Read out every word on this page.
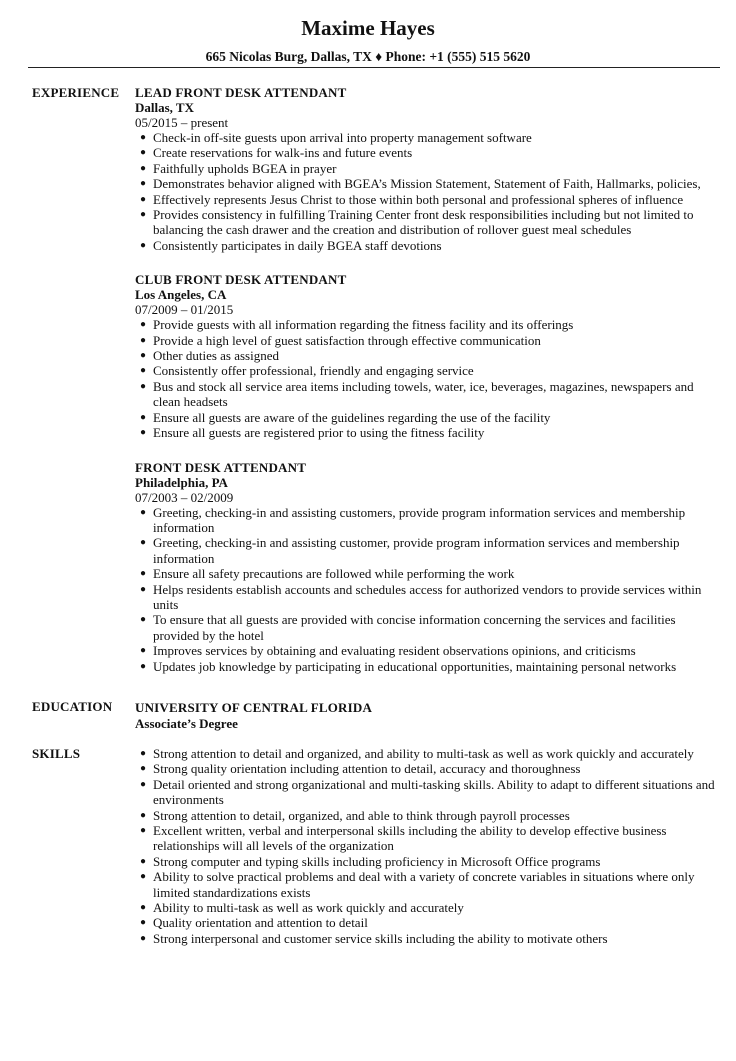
Maxime Hayes
665 Nicolas Burg, Dallas, TX ♦ Phone: +1 (555) 515 5620
EXPERIENCE	LEAD FRONT DESK ATTENDANT
Dallas, TX
05/2015 – present
● Check-in off-site guests upon arrival into property management software
● Create reservations for walk-ins and future events
● Faithfully upholds BGEA in prayer
● Demonstrates behavior aligned with BGEA’s Mission Statement, Statement of Faith, Hallmarks, policies,
● Effectively represents Jesus Christ to those within both personal and professional spheres of influence
● Provides consistency in fulfilling Training Center front desk responsibilities including but not limited to balancing the cash drawer and the creation and distribution of rollover guest meal schedules
● Consistently participates in daily BGEA staff devotions
CLUB FRONT DESK ATTENDANT
Los Angeles, CA
07/2009 – 01/2015
● Provide guests with all information regarding the fitness facility and its offerings
● Provide a high level of guest satisfaction through effective communication
● Other duties as assigned
● Consistently offer professional, friendly and engaging service
● Bus and stock all service area items including towels, water, ice, beverages, magazines, newspapers and clean headsets
● Ensure all guests are aware of the guidelines regarding the use of the facility
● Ensure all guests are registered prior to using the fitness facility
FRONT DESK ATTENDANT
Philadelphia, PA
07/2003 – 02/2009
● Greeting, checking-in and assisting customers, provide program information services and membership information
● Greeting, checking-in and assisting customer, provide program information services and membership information
● Ensure all safety precautions are followed while performing the work
● Helps residents establish accounts and schedules access for authorized vendors to provide services within units
● To ensure that all guests are provided with concise information concerning the services and facilities provided by the hotel
● Improves services by obtaining and evaluating resident observations opinions, and criticisms
● Updates job knowledge by participating in educational opportunities, maintaining personal networks
EDUCATION	UNIVERSITY OF CENTRAL FLORIDA
Associate’s Degree
SKILLS	● Strong attention to detail and organized, and ability to multi-task as well as work quickly and accurately
● Strong quality orientation including attention to detail, accuracy and thoroughness
● Detail oriented and strong organizational and multi-tasking skills. Ability to adapt to different situations and environments
● Strong attention to detail, organized, and able to think through payroll processes
● Excellent written, verbal and interpersonal skills including the ability to develop effective business relationships will all levels of the organization
● Strong computer and typing skills including proficiency in Microsoft Office programs
● Ability to solve practical problems and deal with a variety of concrete variables in situations where only limited standardizations exists
● Ability to multi-task as well as work quickly and accurately
● Quality orientation and attention to detail
● Strong interpersonal and customer service skills including the ability to motivate others
